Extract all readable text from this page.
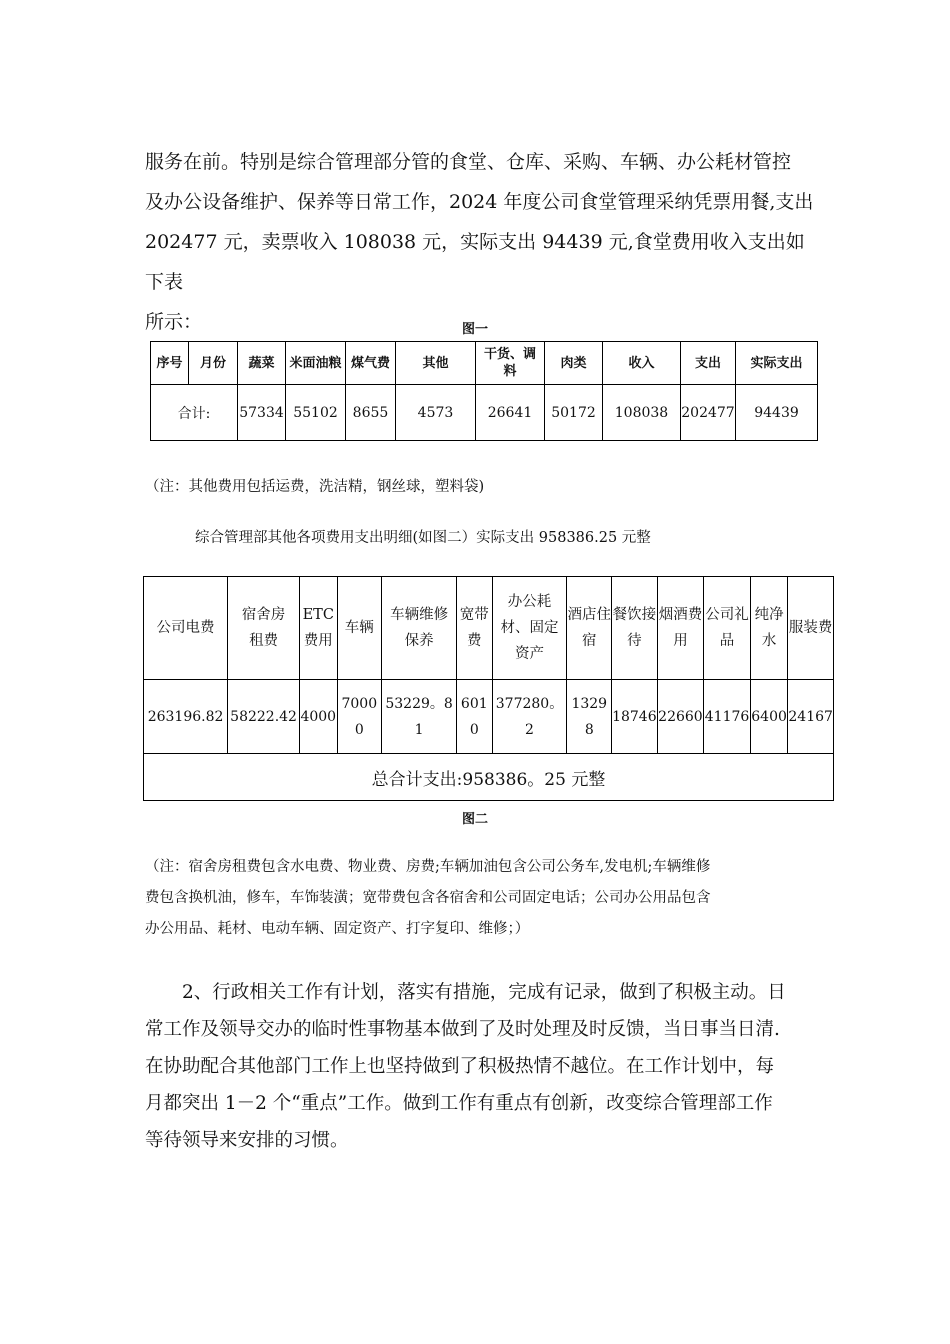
服务在前。特别是综合管理部分管的食堂、仓库、采购、车辆、办公耗材管控
及办公设备维护、保养等日常工作，2024 年度公司食堂管理采纳凭票用餐,支出
202477 元，卖票收入 108038 元，实际支出 94439 元,食堂费用收入支出如下表
所示：	图一
序号	月份	蔬菜	米面油粮	煤气费	其他	干货、调料	肉类	收入	支出	实际支出
合计:		57334	55102	8655	4573	26641	50172	108038	202477	94439

（注：其他费用包括运费，洗洁精，钢丝球，塑料袋)

综合管理部其他各项费用支出明细(如图二）实际支出 958386.25 元整

公司电费	宿舍房租费	ETC费用	车辆	车辆维修保养	宽带费	办公耗材、固定资产	酒店住宿	餐饮接待	烟酒费用	公司礼品	纯净水	服装费
263196.82	58222.42	4000	70000	53229。81	6010	377280。2	13298	18746	22660	41176	6400	24167
总合计支出:958386。25 元整												
图二

（注：宿舍房租费包含水电费、物业费、房费;车辆加油包含公司公务车,发电机;车辆维修
费包含换机油，修车，车饰装潢；宽带费包含各宿舍和公司固定电话；公司办公用品包含
办公用品、耗材、电动车辆、固定资产、打字复印、维修；）

2、行政相关工作有计划，落实有措施，完成有记录，做到了积极主动。日
常工作及领导交办的临时性事物基本做到了及时处理及时反馈，当日事当日清.
在协助配合其他部门工作上也坚持做到了积极热情不越位。在工作计划中，每
月都突出 1－2 个“重点”工作。做到工作有重点有创新，改变综合管理部工作
等待领导来安排的习惯。
